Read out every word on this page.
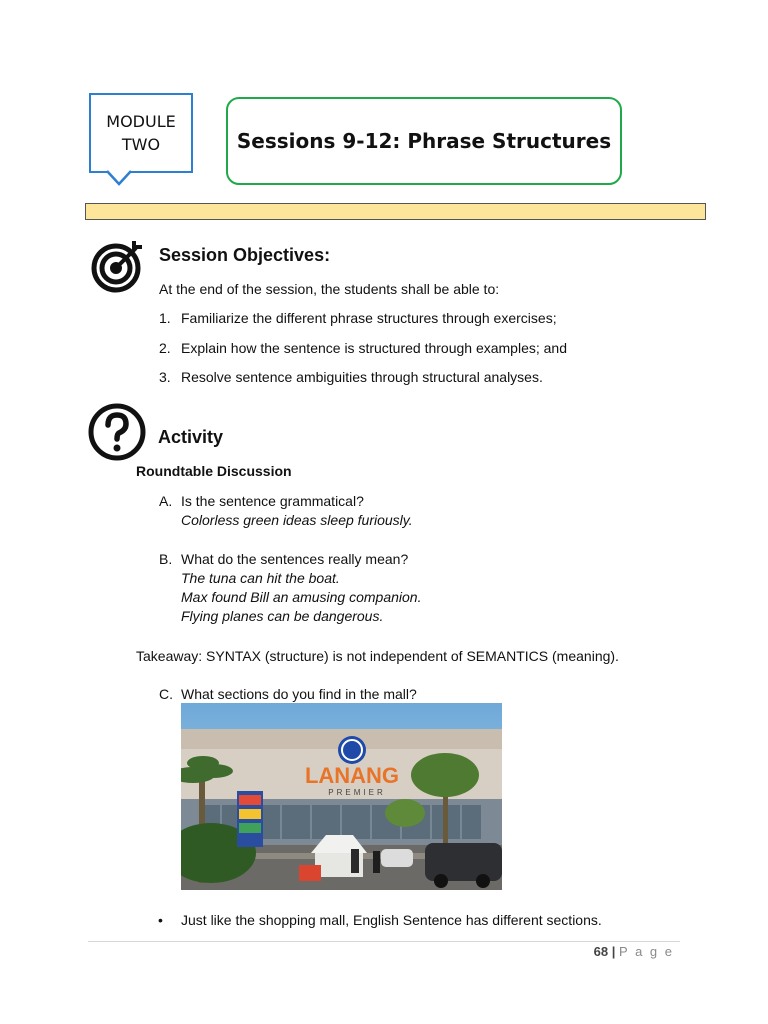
MODULE
TWO	Sessions 9-12: Phrase Structures
Session Objectives:
At the end of the session, the students shall be able to:
1. Familiarize the different phrase structures through exercises;
2. Explain how the sentence is structured through examples; and
3. Resolve sentence ambiguities through structural analyses.
Activity
Roundtable Discussion
A. Is the sentence grammatical?
Colorless green ideas sleep furiously.
B. What do the sentences really mean?
The tuna can hit the boat.
Max found Bill an amusing companion.
Flying planes can be dangerous.
Takeaway: SYNTAX (structure) is not independent of SEMANTICS (meaning).
C. What sections do you find in the mall?
LANANG
PREMIER
• Just like the shopping mall, English Sentence has different sections.
68 | P a g e
